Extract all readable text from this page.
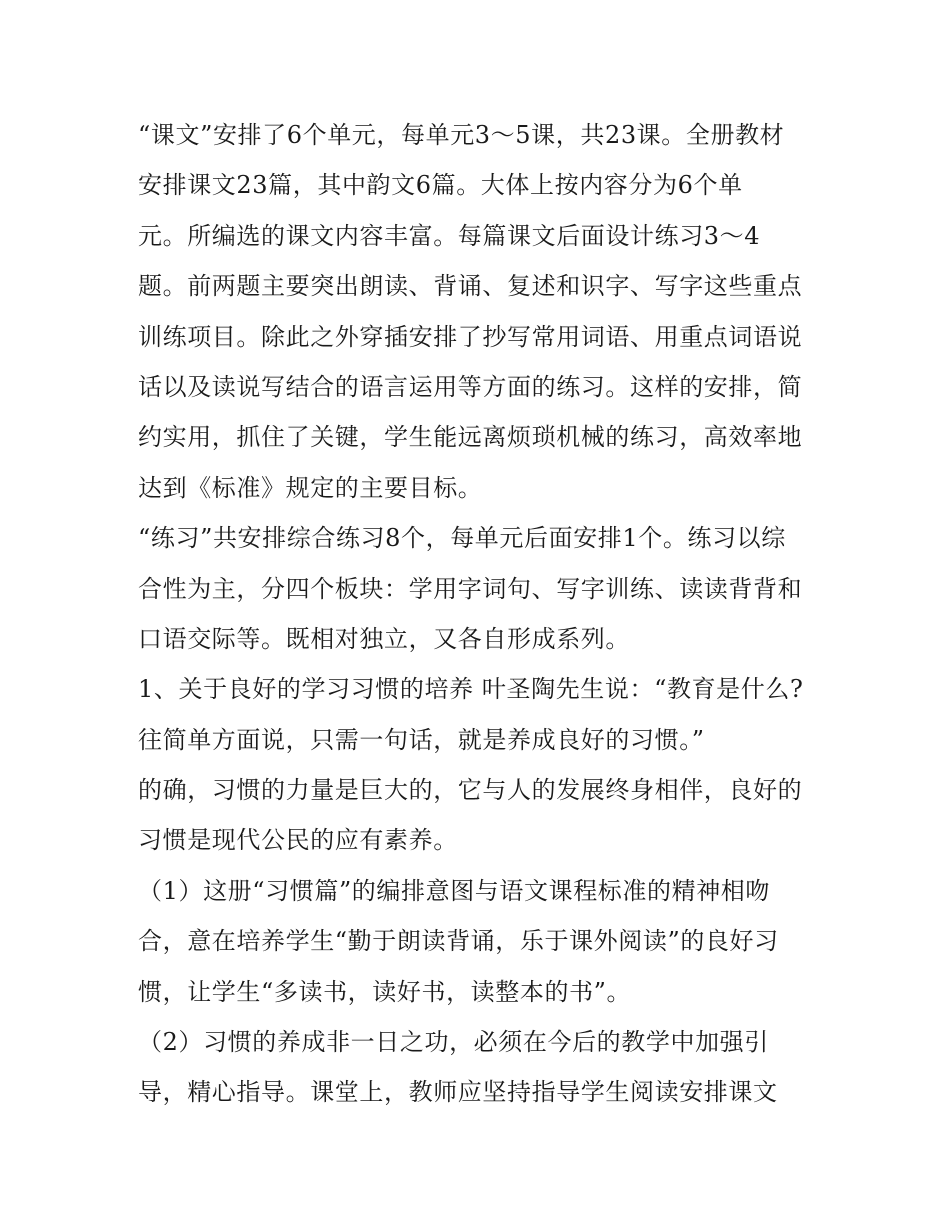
“课文”安排了6个单元，每单元3～5课，共23课。全册教材
安排课文23篇，其中韵文6篇。大体上按内容分为6个单
元。所编选的课文内容丰富。每篇课文后面设计练习3～4
题。前两题主要突出朗读、背诵、复述和识字、写字这些重点
训练项目。除此之外穿插安排了抄写常用词语、用重点词语说
话以及读说写结合的语言运用等方面的练习。这样的安排，简
约实用，抓住了关键，学生能远离烦琐机械的练习，高效率地
达到《标准》规定的主要目标。
“练习”共安排综合练习8个，每单元后面安排1个。练习以综
合性为主，分四个板块：学用字词句、写字训练、读读背背和
口语交际等。既相对独立，又各自形成系列。
1、关于良好的学习习惯的培养 叶圣陶先生说：“教育是什么?
往简单方面说，只需一句话，就是养成良好的习惯。”
的确，习惯的力量是巨大的，它与人的发展终身相伴，良好的
习惯是现代公民的应有素养。
（1）这册“习惯篇”的编排意图与语文课程标准的精神相吻
合，意在培养学生“勤于朗读背诵，乐于课外阅读”的良好习
惯，让学生“多读书，读好书，读整本的书”。
（2）习惯的养成非一日之功，必须在今后的教学中加强引
导，精心指导。课堂上，教师应坚持指导学生阅读安排课文
